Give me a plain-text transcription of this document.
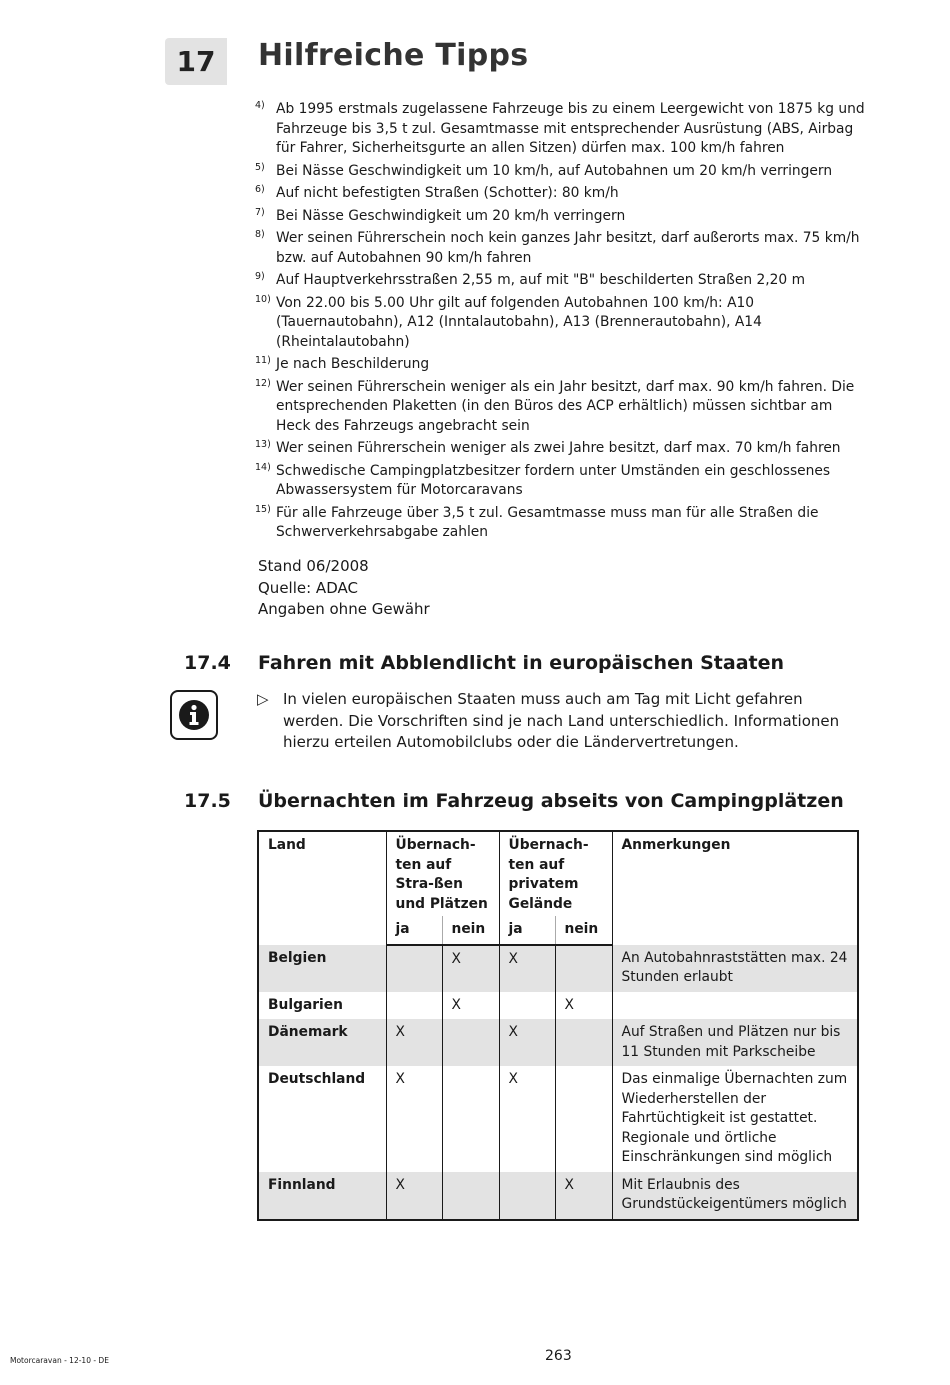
17	Hilfreiche Tipps
4) Ab 1995 erstmals zugelassene Fahrzeuge bis zu einem Leergewicht von 1875 kg und Fahrzeuge bis 3,5 t zul. Gesamtmasse mit entsprechender Ausrüstung (ABS, Airbag für Fahrer, Sicherheitsgurte an allen Sitzen) dürfen max. 100 km/h fahren
5) Bei Nässe Geschwindigkeit um 10 km/h, auf Autobahnen um 20 km/h verringern
6) Auf nicht befestigten Straßen (Schotter): 80 km/h
7) Bei Nässe Geschwindigkeit um 20 km/h verringern
8) Wer seinen Führerschein noch kein ganzes Jahr besitzt, darf außerorts max. 75 km/h bzw. auf Autobahnen 90 km/h fahren
9) Auf Hauptverkehrsstraßen 2,55 m, auf mit "B" beschilderten Straßen 2,20 m
10) Von 22.00 bis 5.00 Uhr gilt auf folgenden Autobahnen 100 km/h: A10 (Tauernautobahn), A12 (Inntalautobahn), A13 (Brennerautobahn), A14 (Rheintalautobahn)
11) Je nach Beschilderung
12) Wer seinen Führerschein weniger als ein Jahr besitzt, darf max. 90 km/h fahren. Die entsprechenden Plaketten (in den Büros des ACP erhältlich) müssen sichtbar am Heck des Fahrzeugs angebracht sein
13) Wer seinen Führerschein weniger als zwei Jahre besitzt, darf max. 70 km/h fahren
14) Schwedische Campingplatzbesitzer fordern unter Umständen ein geschlossenes Abwassersystem für Motorcaravans
15) Für alle Fahrzeuge über 3,5 t zul. Gesamtmasse muss man für alle Straßen die Schwerverkehrsabgabe zahlen
Stand 06/2008
Quelle: ADAC
Angaben ohne Gewähr
17.4 Fahren mit Abblendlicht in europäischen Staaten
▷ In vielen europäischen Staaten muss auch am Tag mit Licht gefahren werden. Die Vorschriften sind je nach Land unterschiedlich. Informationen hierzu erteilen Automobilclubs oder die Ländervertretungen.
17.5 Übernachten im Fahrzeug abseits von Campingplätzen
Land	Übernach-ten auf Stra-ßen und Plätzen		Übernach-ten auf privatem Gelände		Anmerkungen
	ja	nein	ja	nein	
Belgien		X	X		An Autobahnraststätten max. 24 Stunden erlaubt
Bulgarien		X		X	
Dänemark	X		X		Auf Straßen und Plätzen nur bis 11 Stunden mit Parkscheibe
Deutschland	X		X		Das einmalige Übernachten zum Wiederherstellen der Fahrtüchtigkeit ist gestattet. Regionale und örtliche Einschränkungen sind möglich
Finnland	X			X	Mit Erlaubnis des Grundstückeigentümers möglich
Motorcaravan - 12-10 - DE	263
